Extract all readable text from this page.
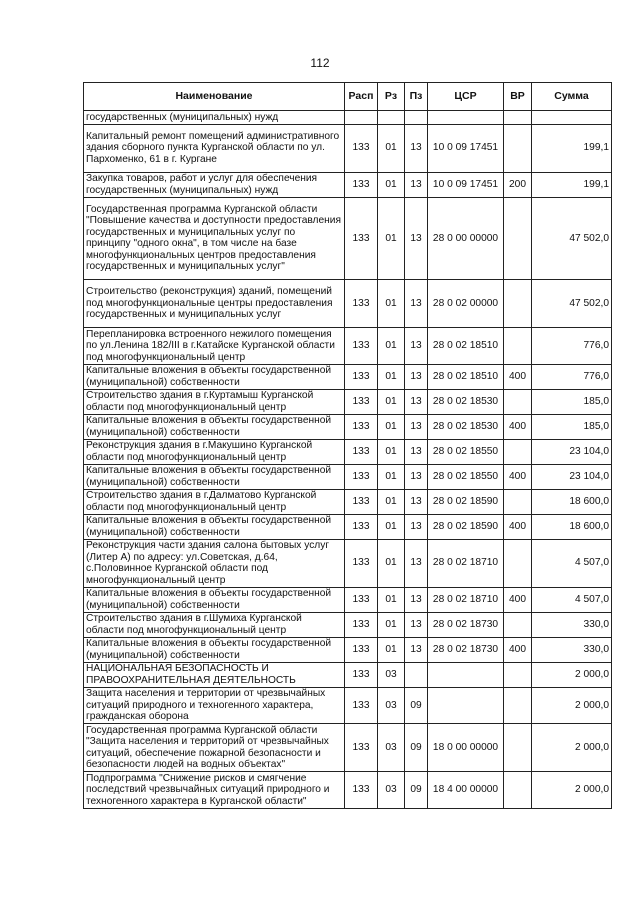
112
Наименование	Расп	Рз	Пз	ЦСР	ВР	Сумма
государственных (муниципальных) нужд						
Капитальный ремонт помещений административного здания сборного пункта Курганской области по ул. Пархоменко, 61 в г. Кургане	133	01	13	10 0 09 17451		199,1
Закупка товаров, работ и услуг для обеспечения государственных (муниципальных) нужд	133	01	13	10 0 09 17451	200	199,1
Государственная программа Курганской области "Повышение качества и доступности предоставления государственных и муниципальных услуг по принципу "одного окна", в том числе на базе многофункциональных центров предоставления государственных и муниципальных услуг"	133	01	13	28 0 00 00000		47 502,0
Строительство (реконструкция) зданий, помещений под многофункциональные центры предоставления государственных и муниципальных услуг	133	01	13	28 0 02 00000		47 502,0
Перепланировка встроенного нежилого помещения по ул.Ленина 182/III в г.Катайске Курганской области под многофункциональный центр	133	01	13	28 0 02 18510		776,0
Капитальные вложения в объекты государственной (муниципальной) собственности	133	01	13	28 0 02 18510	400	776,0
Строительство здания в г.Куртамыш Курганской области под многофункциональный центр	133	01	13	28 0 02 18530		185,0
Капитальные вложения в объекты государственной (муниципальной) собственности	133	01	13	28 0 02 18530	400	185,0
Реконструкция здания в г.Макушино Курганской области под многофункциональный центр	133	01	13	28 0 02 18550		23 104,0
Капитальные вложения в объекты государственной (муниципальной) собственности	133	01	13	28 0 02 18550	400	23 104,0
Строительство здания в г.Далматово Курганской области под многофункциональный центр	133	01	13	28 0 02 18590		18 600,0
Капитальные вложения в объекты государственной (муниципальной) собственности	133	01	13	28 0 02 18590	400	18 600,0
Реконструкция части здания салона бытовых услуг (Литер А) по адресу: ул.Советская, д.64, с.Половинное Курганской области под многофункциональный центр	133	01	13	28 0 02 18710		4 507,0
Капитальные вложения в объекты государственной (муниципальной) собственности	133	01	13	28 0 02 18710	400	4 507,0
Строительство здания в г.Шумиха Курганской области под многофункциональный центр	133	01	13	28 0 02 18730		330,0
Капитальные вложения в объекты государственной (муниципальной) собственности	133	01	13	28 0 02 18730	400	330,0
НАЦИОНАЛЬНАЯ БЕЗОПАСНОСТЬ И ПРАВООХРАНИТЕЛЬНАЯ ДЕЯТЕЛЬНОСТЬ	133	03				2 000,0
Защита населения и территории от чрезвычайных ситуаций природного и техногенного характера, гражданская оборона	133	03	09			2 000,0
Государственная программа Курганской области "Защита населения и территорий от чрезвычайных ситуаций, обеспечение пожарной безопасности и безопасности людей на водных объектах"	133	03	09	18 0 00 00000		2 000,0
Подпрограмма "Снижение рисков и смягчение последствий чрезвычайных ситуаций природного и техногенного характера в Курганской области"	133	03	09	18 4 00 00000		2 000,0
